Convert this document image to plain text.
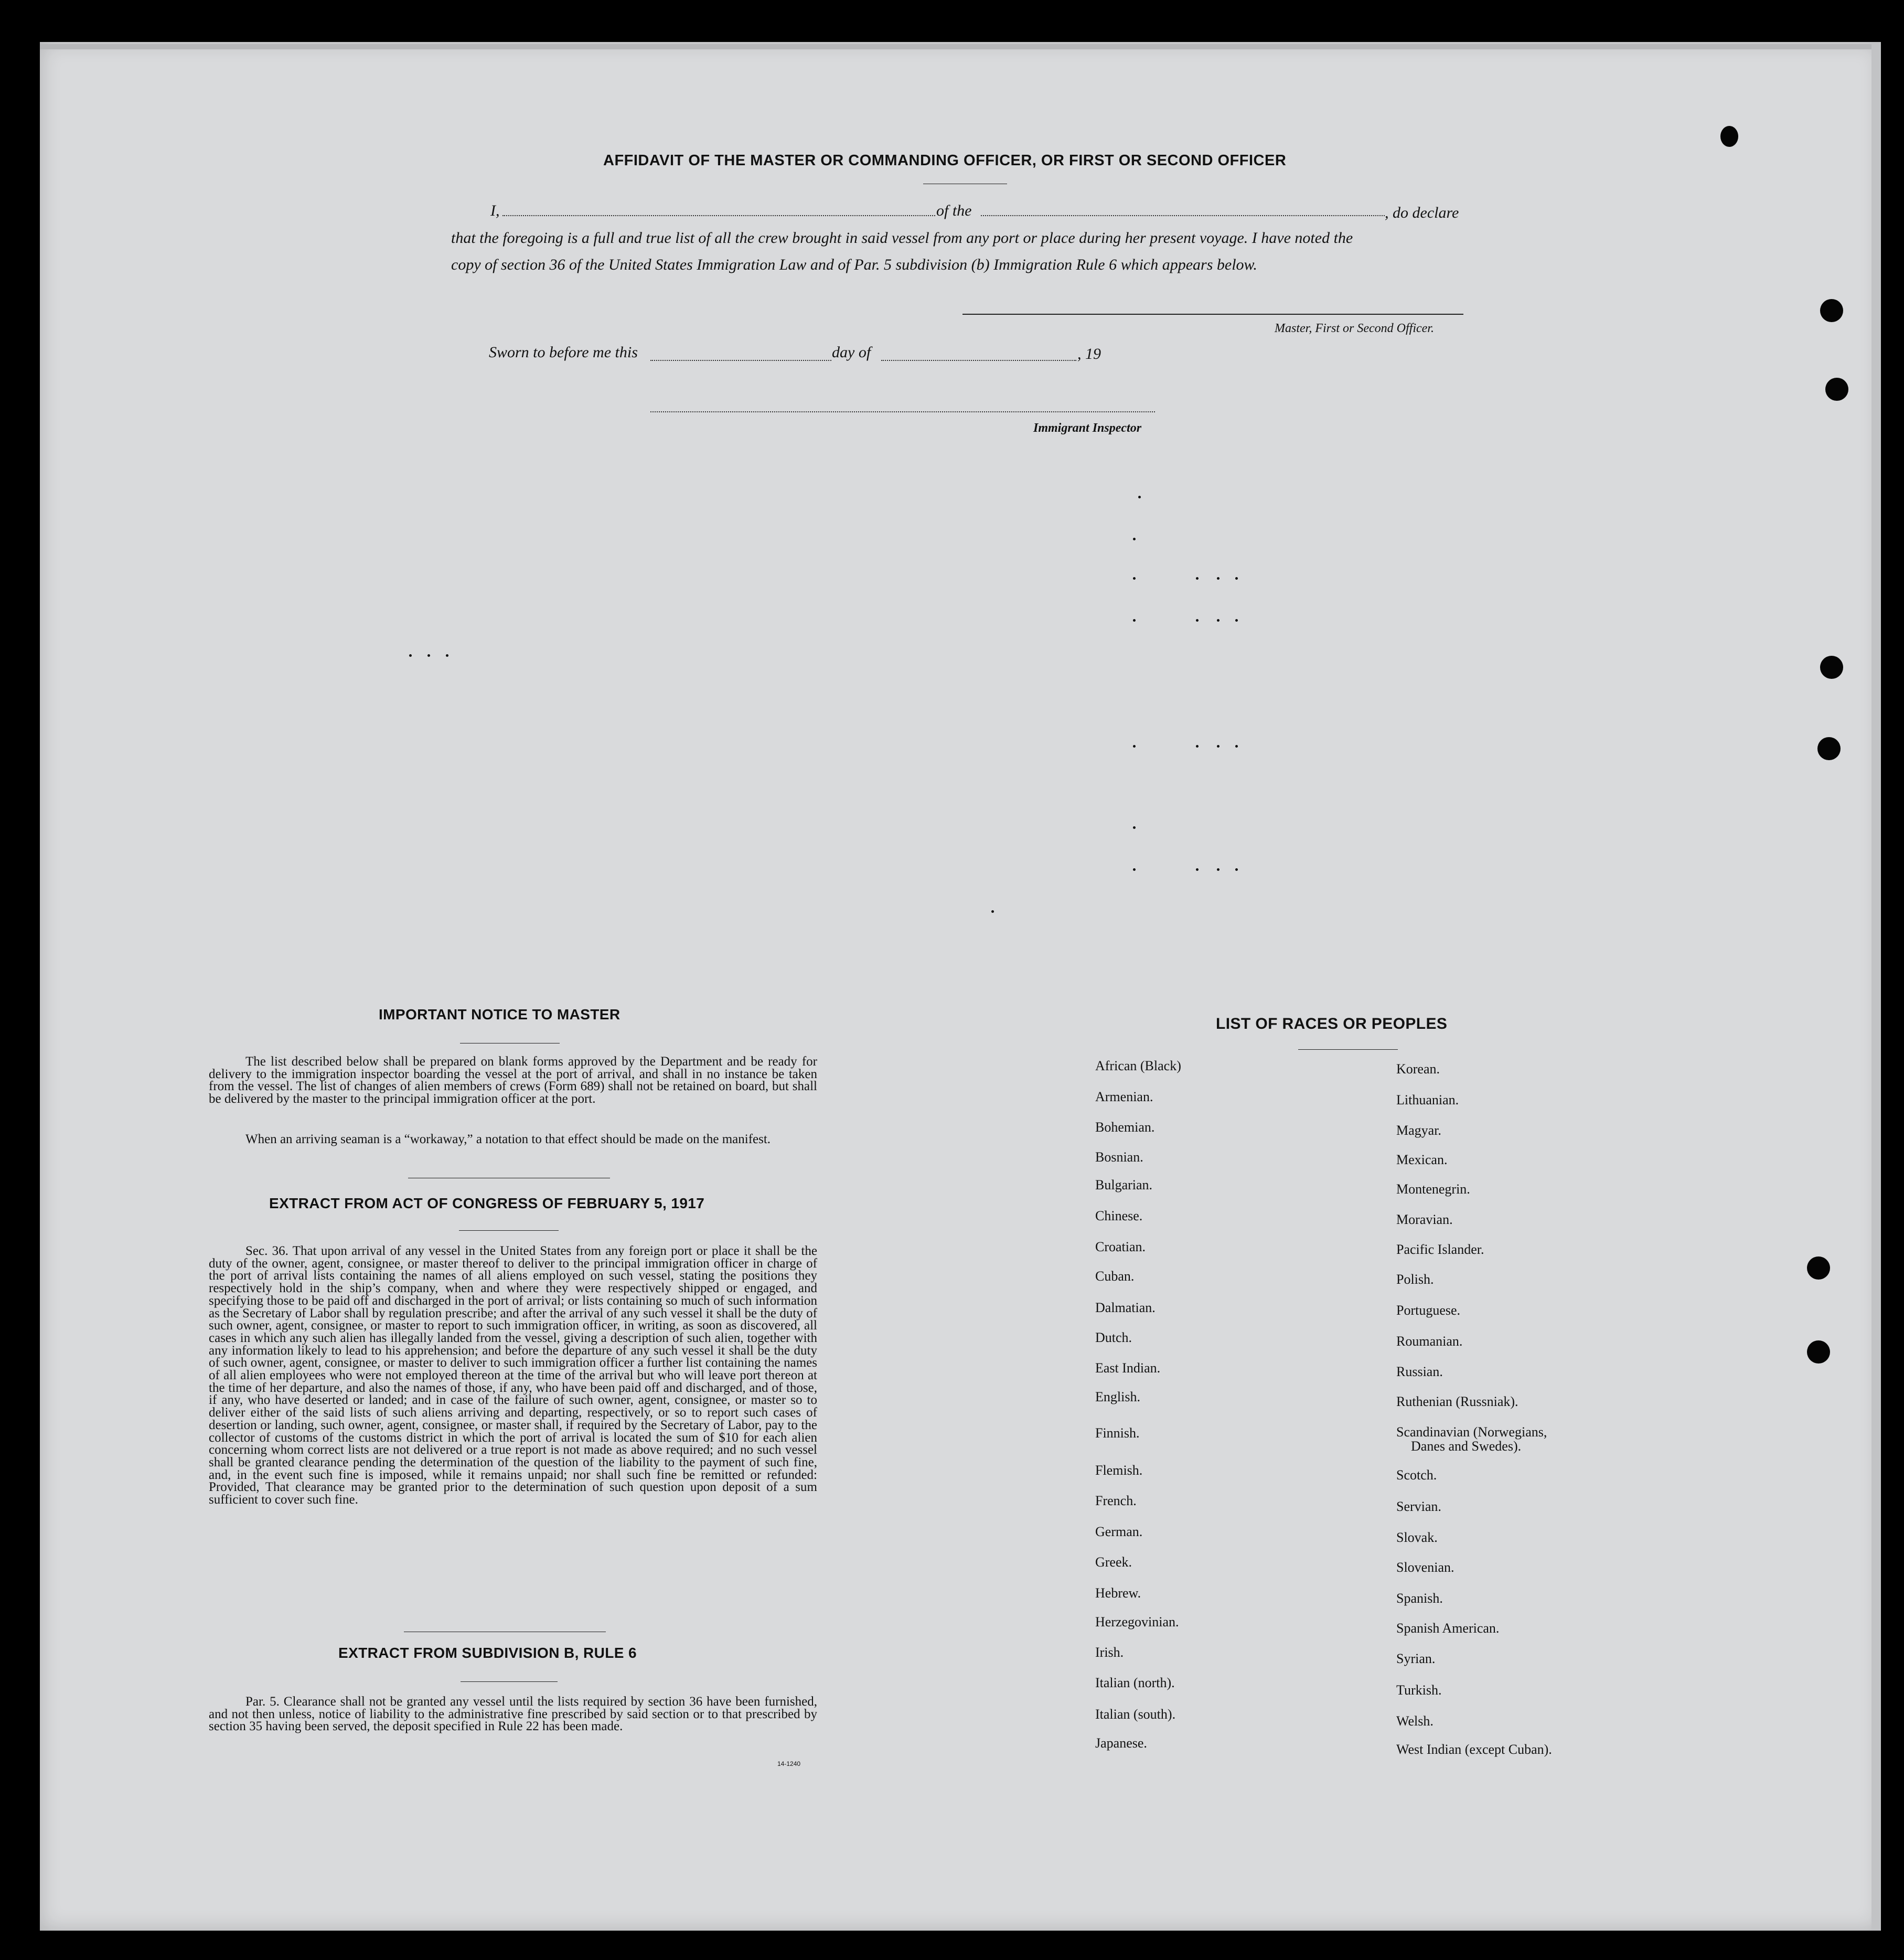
AFFIDAVIT OF THE MASTER OR COMMANDING OFFICER, OR FIRST OR SECOND OFFICER
I,	of the	, do declare
that the foregoing is a full and true list of all the crew brought in said vessel from any port or place during her present voyage. I have noted the
copy of section 36 of the United States Immigration Law and of Par. 5 subdivision (b) Immigration Rule 6 which appears below.
Master, First or Second Officer.
Sworn to before me this	day of	, 19
Immigrant Inspector
IMPORTANT NOTICE TO MASTER
The list described below shall be prepared on blank forms approved by the Department and be ready for delivery to the immigration inspector boarding the vessel at the port of arrival, and shall in no instance be taken from the vessel. The list of changes of alien members of crews (Form 689) shall not be retained on board, but shall be delivered by the master to the principal immigration officer at the port.
When an arriving seaman is a “workaway,” a notation to that effect should be made on the manifest.
EXTRACT FROM ACT OF CONGRESS OF FEBRUARY 5, 1917
Sec. 36. That upon arrival of any vessel in the United States from any foreign port or place it shall be the duty of the owner, agent, consignee, or master thereof to deliver to the principal immigration officer in charge of the port of arrival lists containing the names of all aliens employed on such vessel, stating the positions they respectively hold in the ship’s company, when and where they were respectively shipped or engaged, and specifying those to be paid off and discharged in the port of arrival; or lists containing so much of such information as the Secretary of Labor shall by regulation prescribe; and after the arrival of any such vessel it shall be the duty of such owner, agent, consignee, or master to report to such immigration officer, in writing, as soon as discovered, all cases in which any such alien has illegally landed from the vessel, giving a description of such alien, together with any information likely to lead to his apprehension; and before the departure of any such vessel it shall be the duty of such owner, agent, consignee, or master to deliver to such immigration officer a further list containing the names of all alien employees who were not employed thereon at the time of the arrival but who will leave port thereon at the time of her departure, and also the names of those, if any, who have been paid off and discharged, and of those, if any, who have deserted or landed; and in case of the failure of such owner, agent, consignee, or master so to deliver either of the said lists of such aliens arriving and departing, respectively, or so to report such cases of desertion or landing, such owner, agent, consignee, or master shall, if required by the Secretary of Labor, pay to the collector of customs of the customs district in which the port of arrival is located the sum of $10 for each alien concerning whom correct lists are not delivered or a true report is not made as above required; and no such vessel shall be granted clearance pending the determination of the question of the liability to the payment of such fine, and, in the event such fine is imposed, while it remains unpaid; nor shall such fine be remitted or refunded: Provided, That clearance may be granted prior to the determination of such question upon deposit of a sum sufficient to cover such fine.
EXTRACT FROM SUBDIVISION B, RULE 6
Par. 5. Clearance shall not be granted any vessel until the lists required by section 36 have been furnished, and not then unless, notice of liability to the administrative fine prescribed by said section or to that prescribed by section 35 having been served, the deposit specified in Rule 22 has been made.
14-1240
LIST OF RACES OR PEOPLES
African (Black)
Armenian.
Bohemian.
Bosnian.
Bulgarian.
Chinese.
Croatian.
Cuban.
Dalmatian.
Dutch.
East Indian.
English.
Finnish.
Flemish.
French.
German.
Greek.
Hebrew.
Herzegovinian.
Irish.
Italian (north).
Italian (south).
Japanese.
Korean.
Lithuanian.
Magyar.
Mexican.
Montenegrin.
Moravian.
Pacific Islander.
Polish.
Portuguese.
Roumanian.
Russian.
Ruthenian (Russniak).
Scandinavian (Norwegians,
Danes and Swedes).
Scotch.
Servian.
Slovak.
Slovenian.
Spanish.
Spanish American.
Syrian.
Turkish.
Welsh.
West Indian (except Cuban).
